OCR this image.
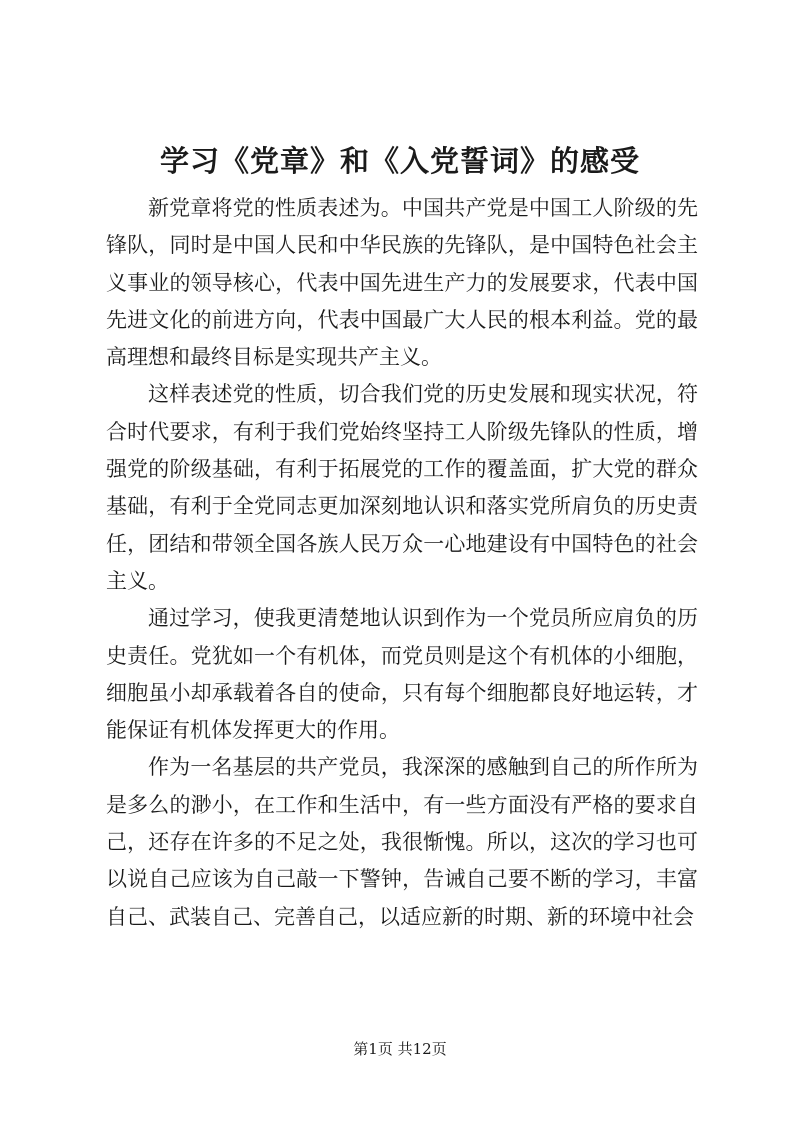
学习《党章》和《入党誓词》的感受

新党章将党的性质表述为。中国共产党是中国工人阶级的先锋队，同时是中国人民和中华民族的先锋队，是中国特色社会主义事业的领导核心，代表中国先进生产力的发展要求，代表中国先进文化的前进方向，代表中国最广大人民的根本利益。党的最高理想和最终目标是实现共产主义。

这样表述党的性质，切合我们党的历史发展和现实状况，符合时代要求，有利于我们党始终坚持工人阶级先锋队的性质，增强党的阶级基础，有利于拓展党的工作的覆盖面，扩大党的群众基础，有利于全党同志更加深刻地认识和落实党所肩负的历史责任，团结和带领全国各族人民万众一心地建设有中国特色的社会主义。

通过学习，使我更清楚地认识到作为一个党员所应肩负的历史责任。党犹如一个有机体，而党员则是这个有机体的小细胞，细胞虽小却承载着各自的使命，只有每个细胞都良好地运转，才能保证有机体发挥更大的作用。

作为一名基层的共产党员，我深深的感触到自己的所作所为是多么的渺小，在工作和生活中，有一些方面没有严格的要求自己，还存在许多的不足之处，我很惭愧。所以，这次的学习也可以说自己应该为自己敲一下警钟，告诫自己要不断的学习，丰富自己、武装自己、完善自己，以适应新的时期、新的环境中社会

第1页 共12页
